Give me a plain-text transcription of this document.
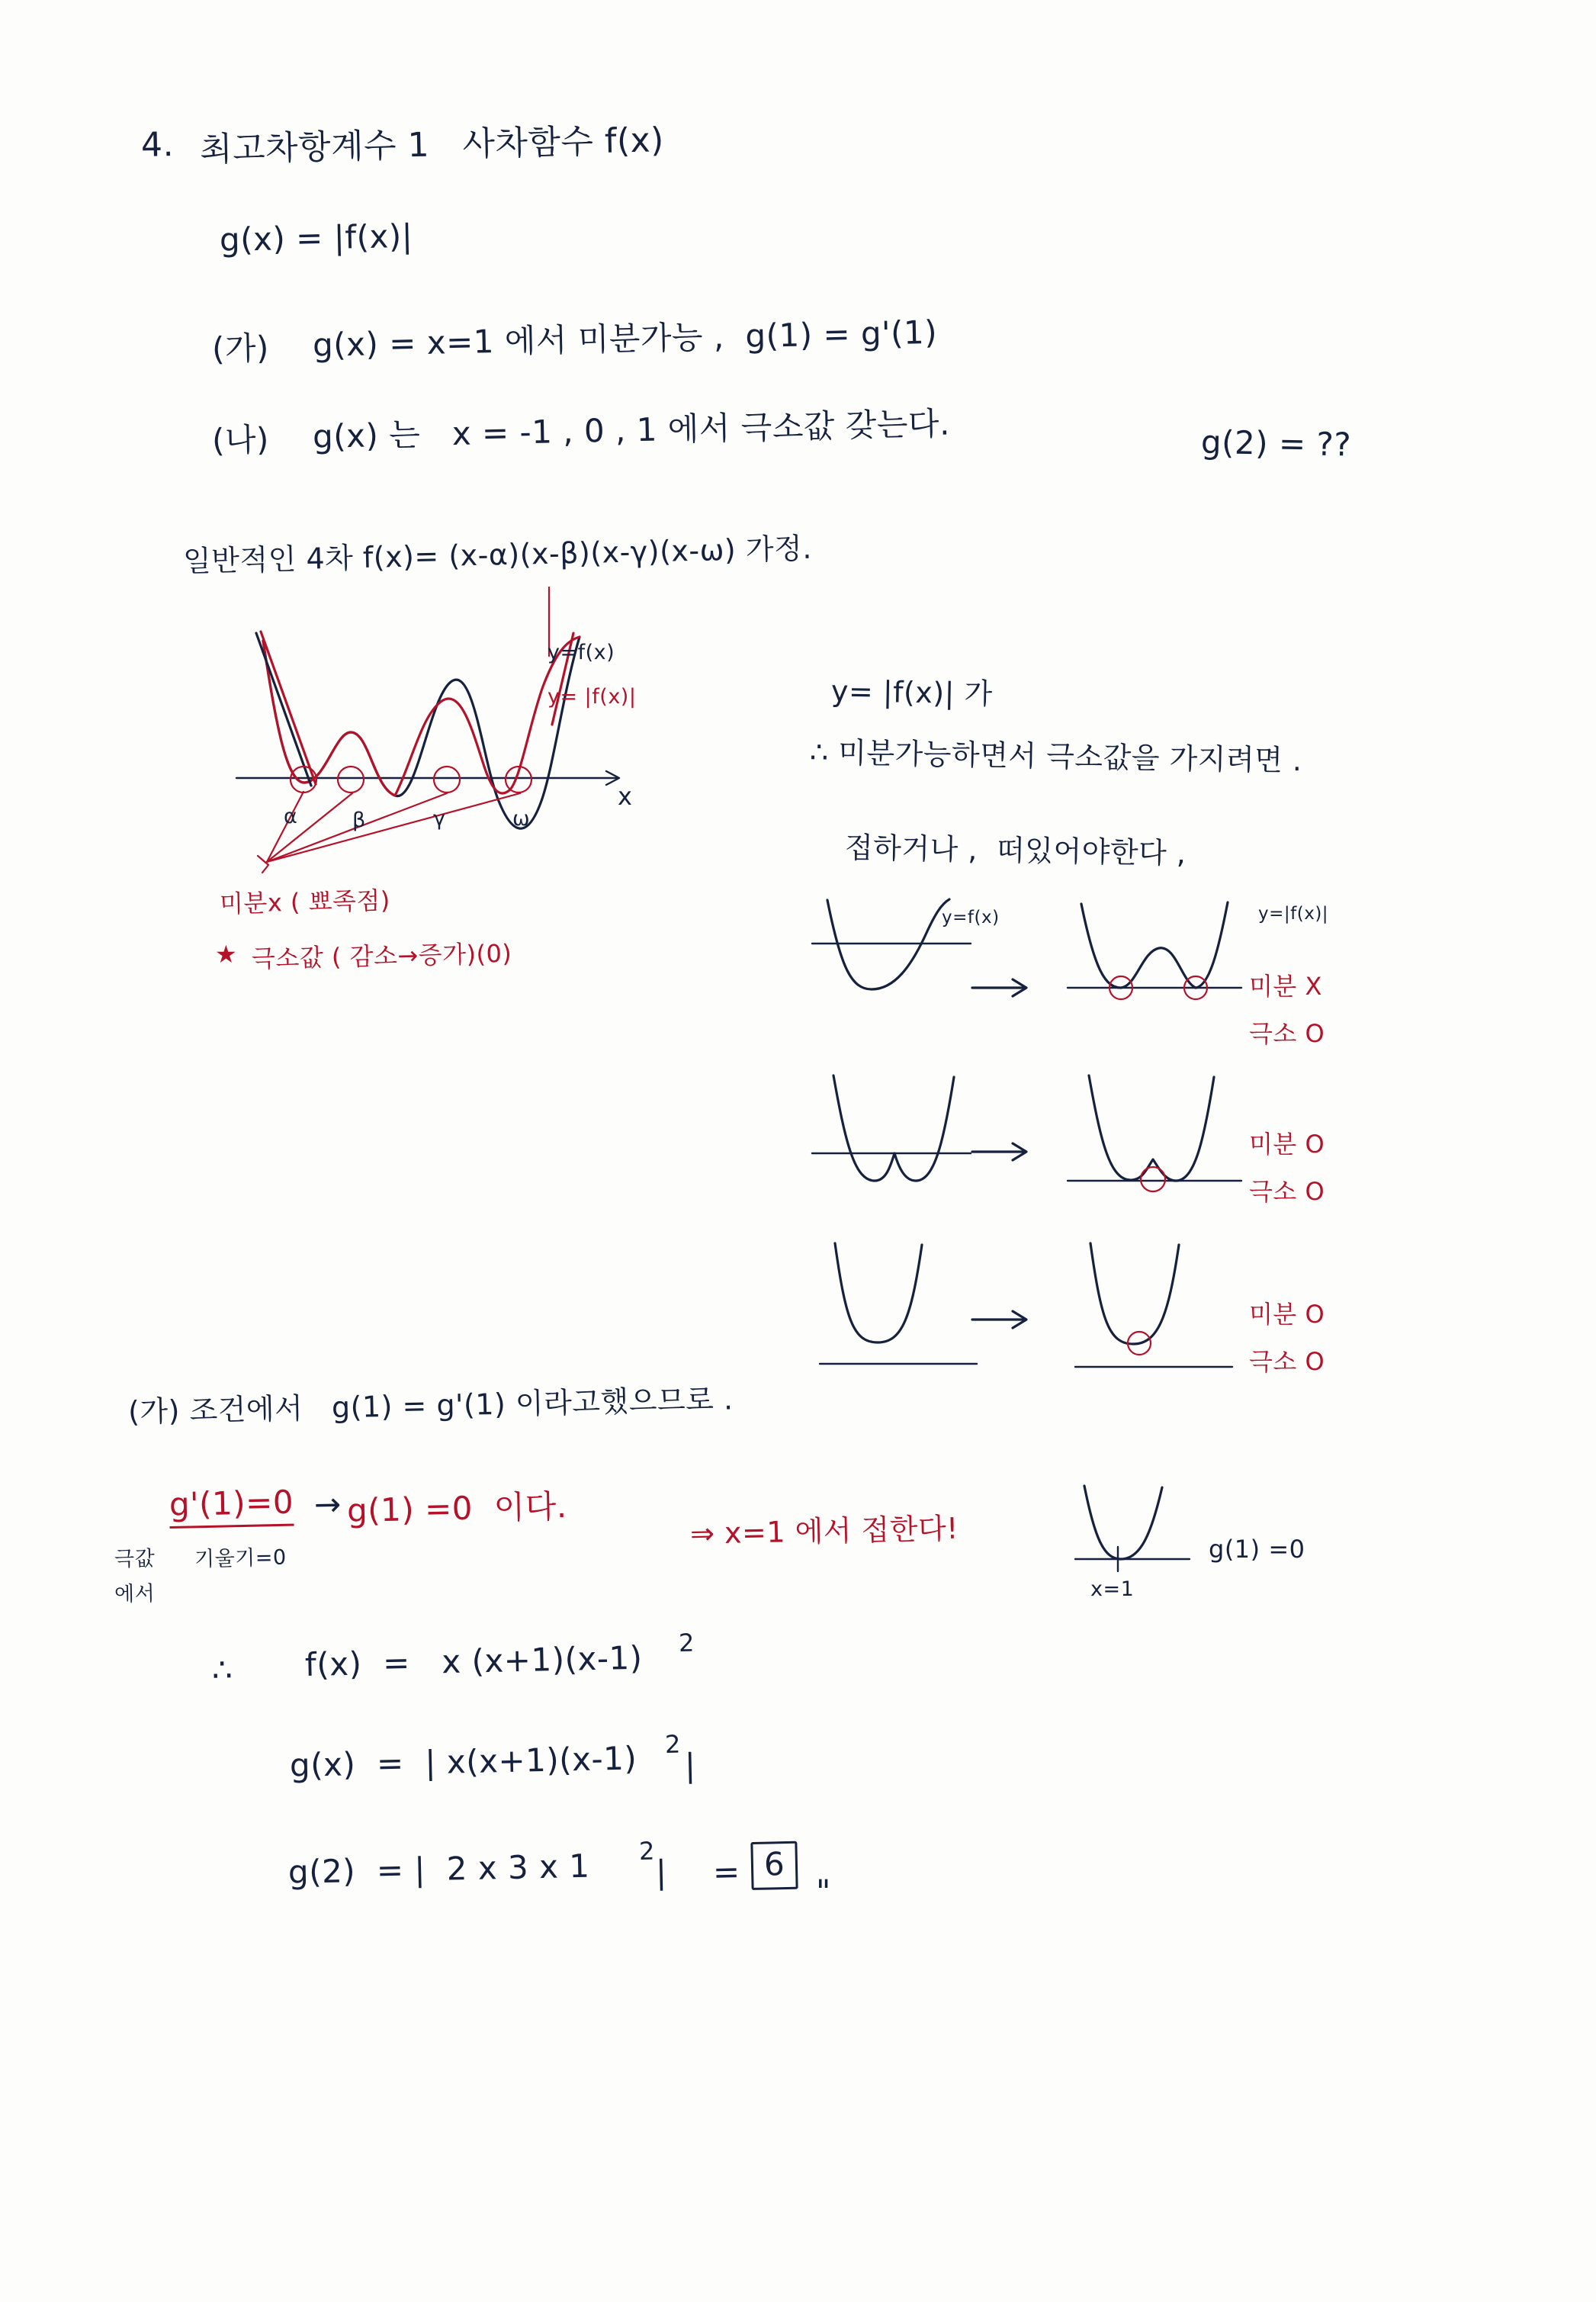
4. 최고차항계수 1   사차함수 f(x)
g(x) = |f(x)|
(가) g(x) = x=1 에서 미분가능 ,  g(1) = g'(1)
(나) g(x) 는   x = -1 , 0 , 1 에서 극소값 갖는다.	g(2) = ??
일반적인 4차 f(x)= (x-α)(x-β)(x-γ)(x-ω) 가정.
y=f(x)
y= |f(x)|
x
α	β	γ	ω
미분x ( 뾰족점)
★ 극소값 ( 감소→증가)(0)
y= |f(x)| 가
∴ 미분가능하면서 극소값을 가지려면 .
접하거나 ,  떠있어야한다 ,
y=f(x)	y=|f(x)|
미분 X
극소 O
미분 O
극소 O
미분 O
극소 O
(가) 조건에서   g(1) = g'(1) 이라고했으므로 .
g'(1)=0 → g(1) =0  이다.
극값
에서
기울기=0
⇒ x=1 에서 접한다!	g(1) =0
x=1
∴ f(x)  =   x (x+1)(x-1) 2
g(x)  =  | x(x+1)(x-1) 2
|
g(2)  = |  2 x 3 x 1 2
| = 6
"
